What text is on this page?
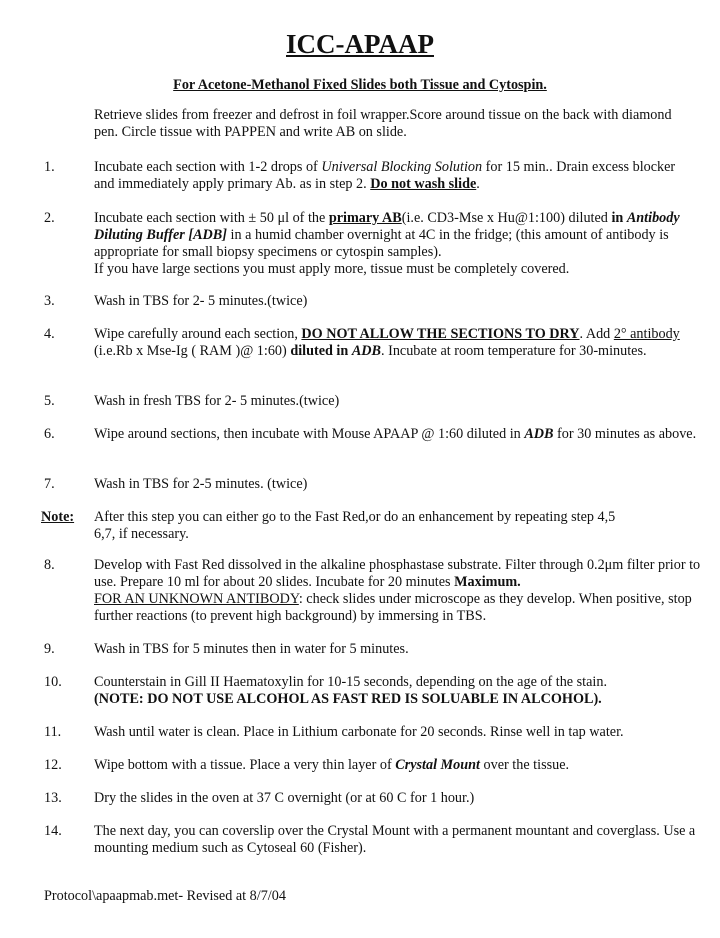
ICC-APAAP
For Acetone-Methanol Fixed Slides both Tissue and Cytospin.
Retrieve slides from freezer and defrost in foil wrapper.Score around tissue on the back with diamond pen. Circle tissue with PAPPEN and write AB on slide.
1.	Incubate each section with 1-2 drops of Universal Blocking Solution for 15 min.. Drain excess blocker and immediately apply primary Ab. as in step 2. Do not wash slide.
2.	Incubate each section with ± 50 μl of the primary AB(i.e. CD3-Mse x Hu@1:100) diluted in Antibody Diluting Buffer [ADB] in a humid chamber overnight at 4C in the fridge; (this amount of antibody is appropriate for small biopsy specimens or cytospin samples).
If you have large sections you must apply more, tissue must be completely covered.
3.	Wash in TBS for 2- 5 minutes.(twice)
4.	Wipe carefully around each section, DO NOT ALLOW THE SECTIONS TO DRY. Add 2° antibody (i.e.Rb x Mse-Ig ( RAM )@ 1:60) diluted in ADB. Incubate at room temperature for 30-minutes.
5.	Wash in fresh TBS for 2- 5 minutes.(twice)
6.	Wipe around sections, then incubate with Mouse APAAP @ 1:60 diluted in ADB for 30 minutes as above.
7.	Wash in TBS for 2-5 minutes. (twice)
Note: After this step you can either go to the Fast Red,or do an enhancement by repeating step 4,5 6,7, if necessary.
8.	Develop with Fast Red dissolved in the alkaline phosphastase substrate. Filter through 0.2μm filter prior to use. Prepare 10 ml for about 20 slides. Incubate for 20 minutes Maximum.
FOR AN UNKNOWN ANTIBODY: check slides under microscope as they develop. When positive, stop further reactions (to prevent high background) by immersing in TBS.
9.	Wash in TBS for 5 minutes then in water for 5 minutes.
10. Counterstain in Gill II Haematoxylin for 10-15 seconds, depending on the age of the stain.
(NOTE: DO NOT USE ALCOHOL AS FAST RED IS SOLUABLE IN ALCOHOL).
11. Wash until water is clean. Place in Lithium carbonate for 20 seconds. Rinse well in tap water.
12. Wipe bottom with a tissue. Place a very thin layer of Crystal Mount over the tissue.
13. Dry the slides in the oven at 37 C overnight (or at 60 C for 1 hour.)
14. The next day, you can coverslip over the Crystal Mount with a permanent mountant and coverglass. Use a mounting medium such as Cytoseal 60 (Fisher).
Protocol\apaapmab.met- Revised at 8/7/04
